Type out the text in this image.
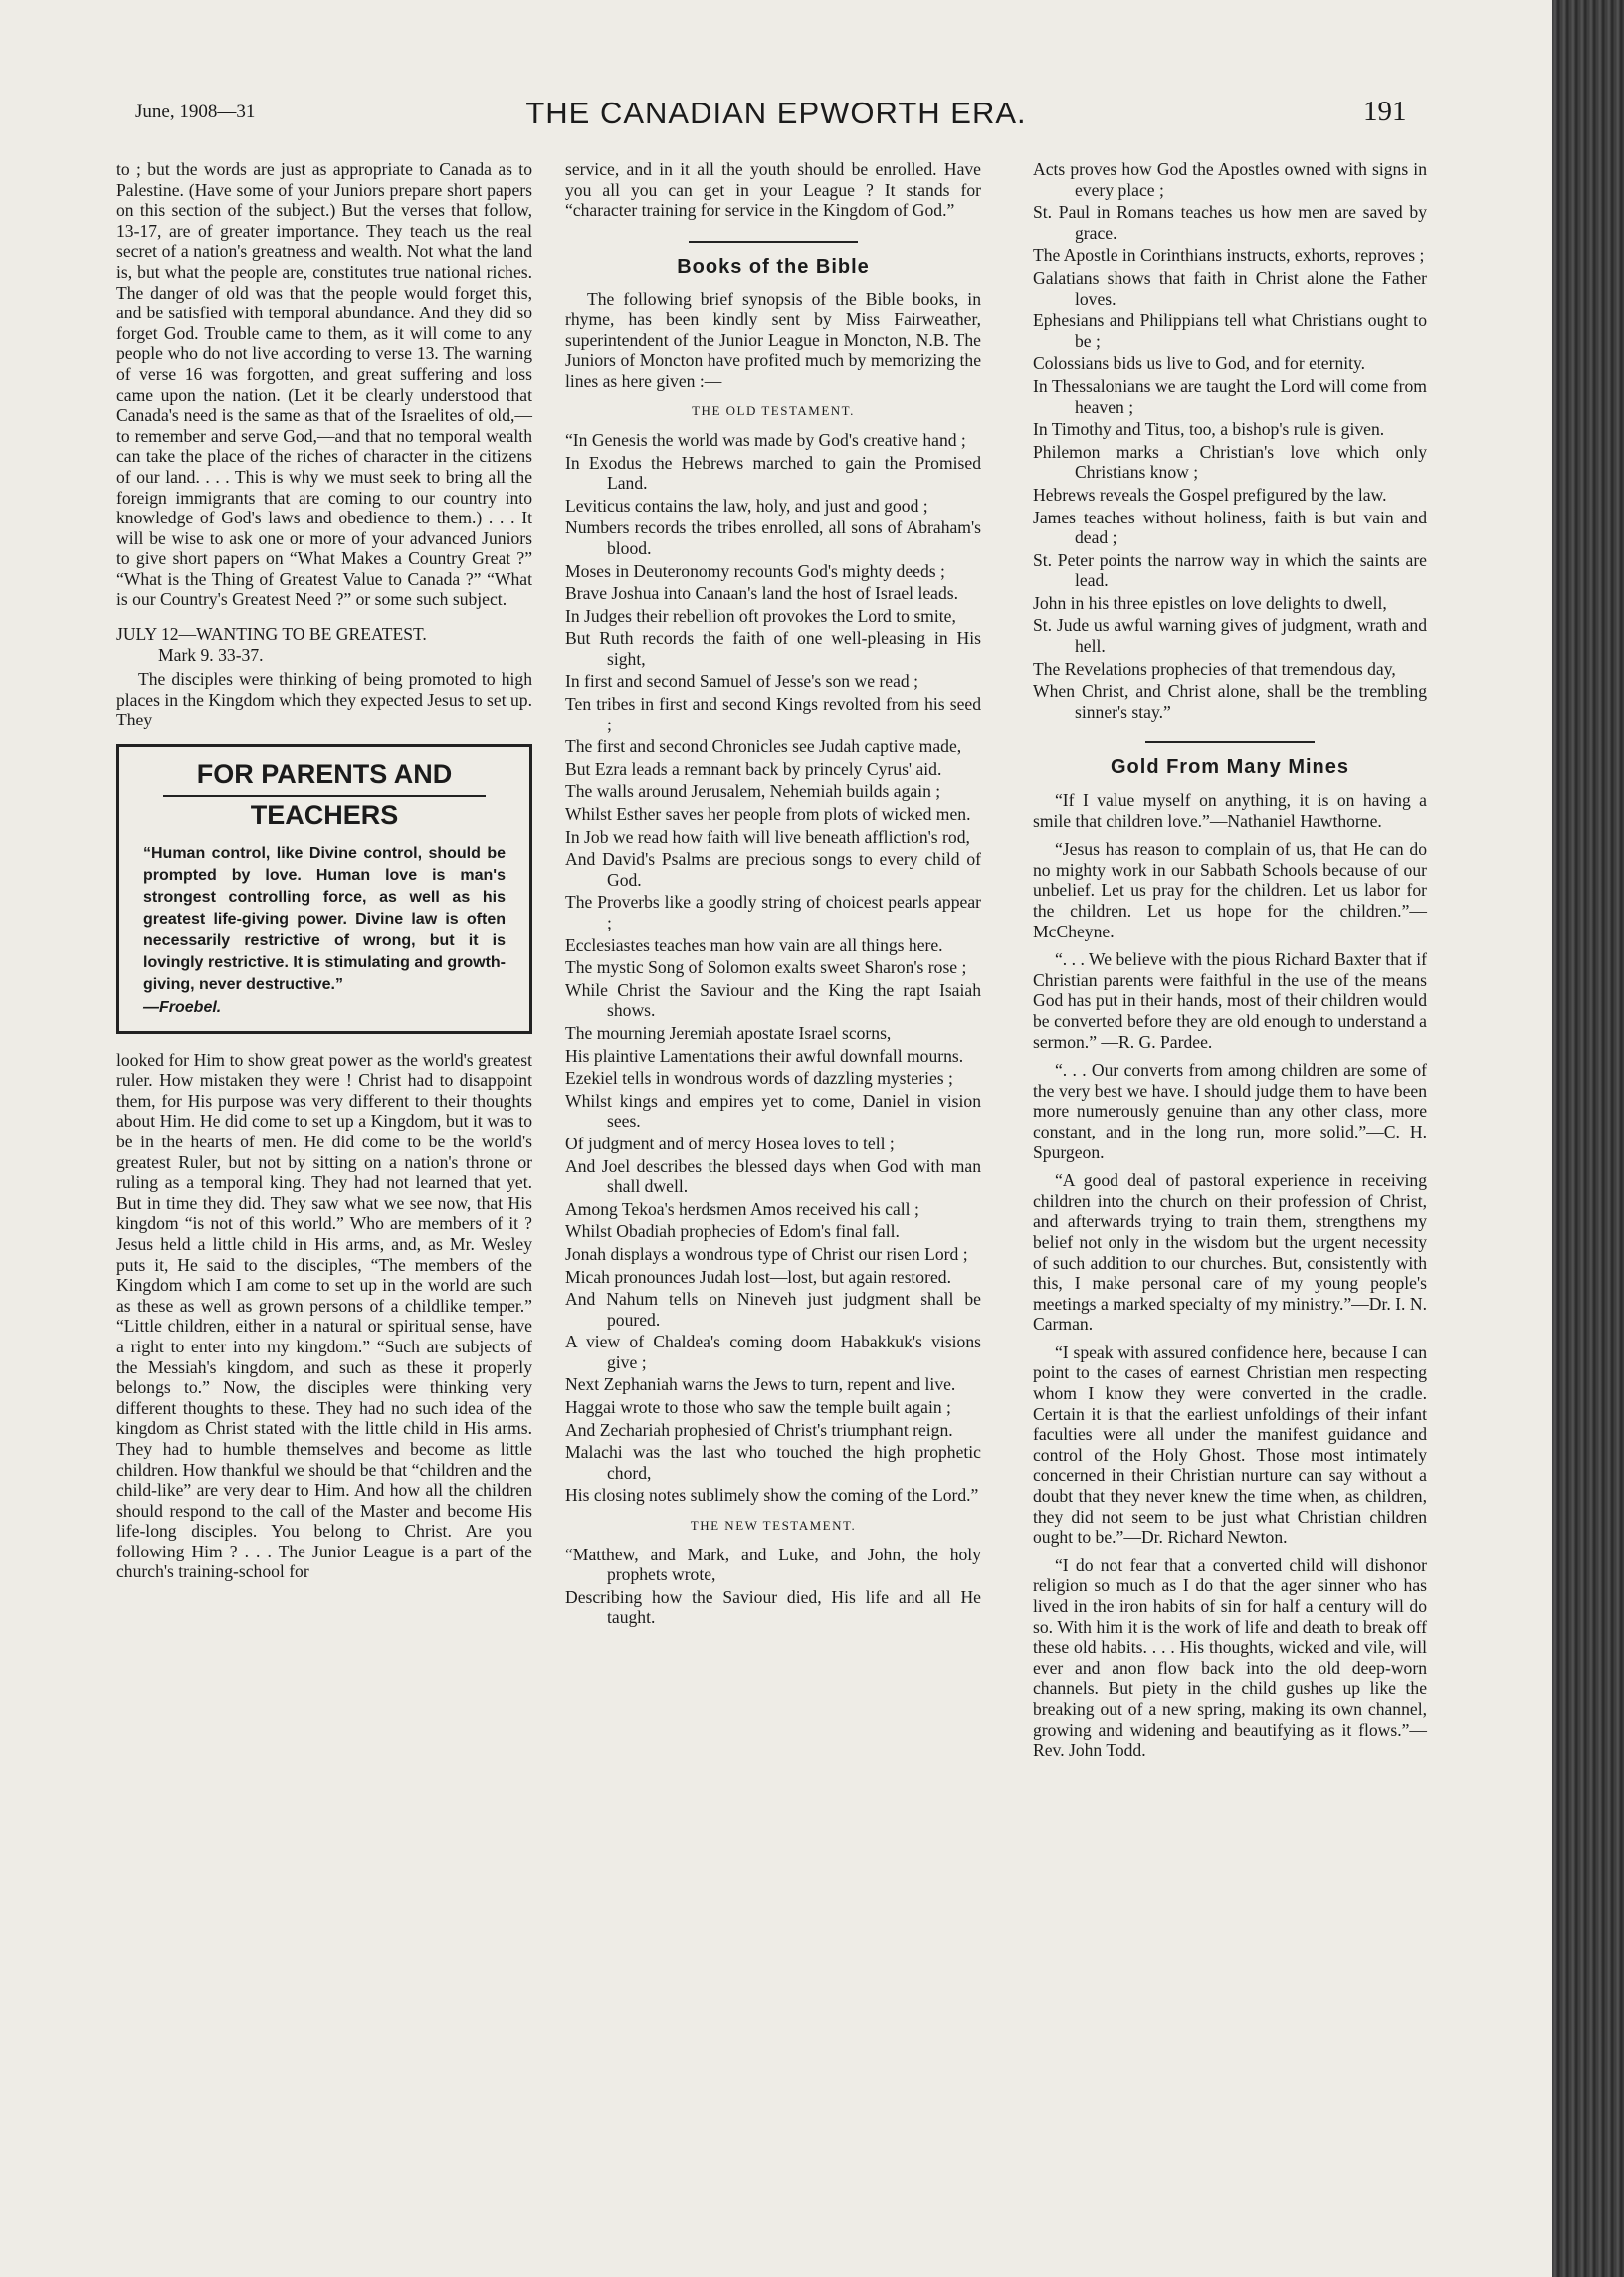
June, 1908—31	THE CANADIAN EPWORTH ERA.	191

to ; but the words are just as appropriate to Canada as to Palestine. (Have some of your Juniors prepare short papers on this section of the subject.) But the verses that follow, 13-17, are of greater importance. They teach us the real secret of a nation's greatness and wealth. Not what the land is, but what the people are, constitutes true national riches. The danger of old was that the people would forget this, and be satisfied with temporal abundance. And they did so forget God. Trouble came to them, as it will come to any people who do not live according to verse 13. The warning of verse 16 was forgotten, and great suffering and loss came upon the nation. (Let it be clearly understood that Canada's need is the same as that of the Israelites of old,—to remember and serve God,—and that no temporal wealth can take the place of the riches of character in the citizens of our land. . . . This is why we must seek to bring all the foreign immigrants that are coming to our country into knowledge of God's laws and obedience to them.) . . . It will be wise to ask one or more of your advanced Juniors to give short papers on “What Makes a Country Great ?” “What is the Thing of Greatest Value to Canada ?” “What is our Country's Greatest Need ?” or some such subject.

JULY 12—WANTING TO BE GREATEST.
Mark 9. 33-37.

The disciples were thinking of being promoted to high places in the Kingdom which they expected Jesus to set up. They

FOR PARENTS AND
TEACHERS

“Human control, like Divine control, should be prompted by love. Human love is man's strongest controlling force, as well as his greatest life-giving power. Divine law is often necessarily restrictive of wrong, but it is lovingly restrictive. It is stimulating and growth-giving, never destructive.”

—Froebel.

looked for Him to show great power as the world's greatest ruler. How mistaken they were ! Christ had to disappoint them, for His purpose was very different to their thoughts about Him. He did come to set up a Kingdom, but it was to be in the hearts of men. He did come to be the world's greatest Ruler, but not by sitting on a nation's throne or ruling as a temporal king. They had not learned that yet. But in time they did. They saw what we see now, that His kingdom “is not of this world.” Who are members of it ? Jesus held a little child in His arms, and, as Mr. Wesley puts it, He said to the disciples, “The members of the Kingdom which I am come to set up in the world are such as these as well as grown persons of a childlike temper.” “Little children, either in a natural or spiritual sense, have a right to enter into my kingdom.” “Such are subjects of the Messiah's kingdom, and such as these it properly belongs to.” Now, the disciples were thinking very different thoughts to these. They had no such idea of the kingdom as Christ stated with the little child in His arms. They had to humble themselves and become as little children. How thankful we should be that “children and the child-like” are very dear to Him. And how all the children should respond to the call of the Master and become His life-long disciples. You belong to Christ. Are you following Him ? . . . The Junior League is a part of the church's training-school for

service, and in it all the youth should be enrolled. Have you all you can get in your League ? It stands for “character training for service in the Kingdom of God.”

Books of the Bible

The following brief synopsis of the Bible books, in rhyme, has been kindly sent by Miss Fairweather, superintendent of the Junior League in Moncton, N.B. The Juniors of Moncton have profited much by memorizing the lines as here given :—

THE OLD TESTAMENT.
“In Genesis the world was made by God's creative hand ;
In Exodus the Hebrews marched to gain the Promised Land.
Leviticus contains the law, holy, and just and good ;
Numbers records the tribes enrolled, all sons of Abraham's blood.
Moses in Deuteronomy recounts God's mighty deeds ;
Brave Joshua into Canaan's land the host of Israel leads.
In Judges their rebellion oft provokes the Lord to smite,
But Ruth records the faith of one well-pleasing in His sight,
In first and second Samuel of Jesse's son we read ;
Ten tribes in first and second Kings revolted from his seed ;
The first and second Chronicles see Judah captive made,
But Ezra leads a remnant back by princely Cyrus' aid.
The walls around Jerusalem, Nehemiah builds again ;
Whilst Esther saves her people from plots of wicked men.
In Job we read how faith will live beneath affliction's rod,
And David's Psalms are precious songs to every child of God.
The Proverbs like a goodly string of choicest pearls appear ;
Ecclesiastes teaches man how vain are all things here.
The mystic Song of Solomon exalts sweet Sharon's rose ;
While Christ the Saviour and the King the rapt Isaiah shows.
The mourning Jeremiah apostate Israel scorns,
His plaintive Lamentations their awful downfall mourns.
Ezekiel tells in wondrous words of dazzling mysteries ;
Whilst kings and empires yet to come, Daniel in vision sees.
Of judgment and of mercy Hosea loves to tell ;
And Joel describes the blessed days when God with man shall dwell.
Among Tekoa's herdsmen Amos received his call ;
Whilst Obadiah prophecies of Edom's final fall.
Jonah displays a wondrous type of Christ our risen Lord ;
Micah pronounces Judah lost—lost, but again restored.
And Nahum tells on Nineveh just judgment shall be poured.
A view of Chaldea's coming doom Habakkuk's visions give ;
Next Zephaniah warns the Jews to turn, repent and live.
Haggai wrote to those who saw the temple built again ;
And Zechariah prophesied of Christ's triumphant reign.
Malachi was the last who touched the high prophetic chord,
His closing notes sublimely show the coming of the Lord.”
THE NEW TESTAMENT.
“Matthew, and Mark, and Luke, and John, the holy prophets wrote,
Describing how the Saviour died, His life and all He taught.
Acts proves how God the Apostles owned with signs in every place ;
St. Paul in Romans teaches us how men are saved by grace.
The Apostle in Corinthians instructs, exhorts, reproves ;
Galatians shows that faith in Christ alone the Father loves.
Ephesians and Philippians tell what Christians ought to be ;
Colossians bids us live to God, and for eternity.
In Thessalonians we are taught the Lord will come from heaven ;
In Timothy and Titus, too, a bishop's rule is given.
Philemon marks a Christian's love which only Christians know ;
Hebrews reveals the Gospel prefigured by the law.
James teaches without holiness, faith is but vain and dead ;
St. Peter points the narrow way in which the saints are lead.
John in his three epistles on love delights to dwell,
St. Jude us awful warning gives of judgment, wrath and hell.
The Revelations prophecies of that tremendous day,
When Christ, and Christ alone, shall be the trembling sinner's stay.”
Gold From Many Mines

“If I value myself on anything, it is on having a smile that children love.”—Nathaniel Hawthorne.

“Jesus has reason to complain of us, that He can do no mighty work in our Sabbath Schools because of our unbelief. Let us pray for the children. Let us labor for the children. Let us hope for the children.”—McCheyne.

“. . . We believe with the pious Richard Baxter that if Christian parents were faithful in the use of the means God has put in their hands, most of their children would be converted before they are old enough to understand a sermon.” —R. G. Pardee.

“. . . Our converts from among children are some of the very best we have. I should judge them to have been more numerously genuine than any other class, more constant, and in the long run, more solid.”—C. H. Spurgeon.

“A good deal of pastoral experience in receiving children into the church on their profession of Christ, and afterwards trying to train them, strengthens my belief not only in the wisdom but the urgent necessity of such addition to our churches. But, consistently with this, I make personal care of my young people's meetings a marked specialty of my ministry.”—Dr. I. N. Carman.

“I speak with assured confidence here, because I can point to the cases of earnest Christian men respecting whom I know they were converted in the cradle. Certain it is that the earliest unfoldings of their infant faculties were all under the manifest guidance and control of the Holy Ghost. Those most intimately concerned in their Christian nurture can say without a doubt that they never knew the time when, as children, they did not seem to be just what Christian children ought to be.”—Dr. Richard Newton.

“I do not fear that a converted child will dishonor religion so much as I do that the ager sinner who has lived in the iron habits of sin for half a century will do so. With him it is the work of life and death to break off these old habits. . . . His thoughts, wicked and vile, will ever and anon flow back into the old deep-worn channels. But piety in the child gushes up like the breaking out of a new spring, making its own channel, growing and widening and beautifying as it flows.”—Rev. John Todd.
